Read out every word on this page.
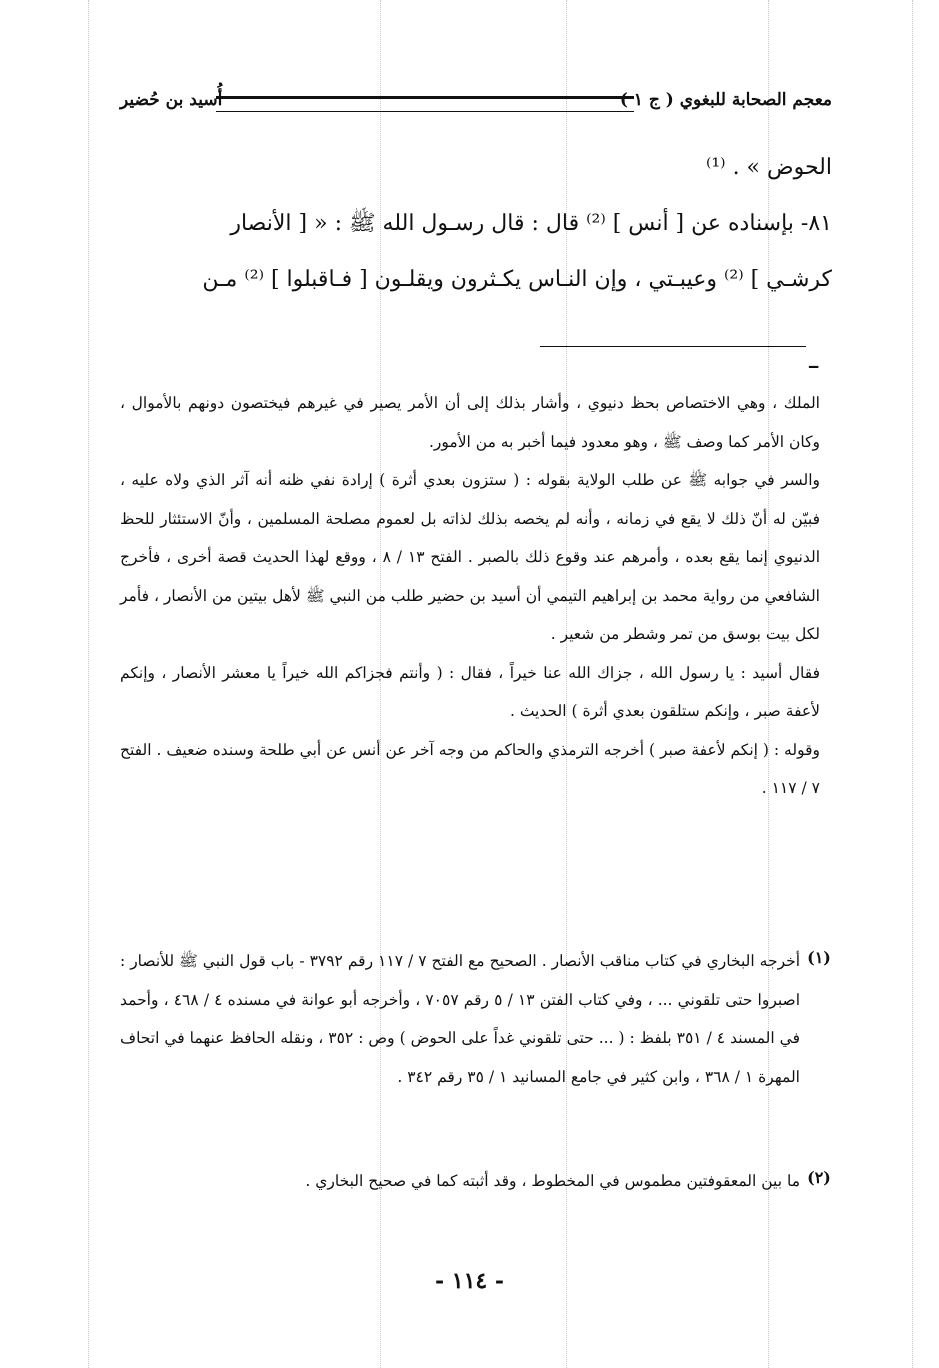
معجم الصحابة للبغوي ( ج ١ )
أُسيد بن حُضير

الحوض » . ⁽¹⁾

٨١- بإسناده عن [ أنس ] ⁽²⁾ قال : قال رسـول الله ﷺ : « [ الأنصار

كرشـي ] ⁽²⁾ وعيبـتي ، وإن النـاس يكـثرون ويقلـون [ فـاقبلوا ] ⁽²⁾ مـن

--

الملك ، وهي الاختصاص بحظ دنيوي ، وأشار بذلك إلى أن الأمر يصير في غيرهم فيختصون دونهم بالأموال ، وكان الأمر كما وصف ﷺ ، وهو معدود فيما أخبر به من الأمور.

والسر في جوابه ﷺ عن طلب الولاية بقوله : ( ستزون بعدي أثرة ) إرادة نفي ظنه أنه آثر الذي ولاه عليه ، فبيّن له أنّ ذلك لا يقع في زمانه ، وأنه لم يخصه بذلك لذاته بل لعموم مصلحة المسلمين ، وأنّ الاستئثار للحظ الدنيوي إنما يقع بعده ، وأمرهم عند وقوع ذلك بالصبر . الفتح ١٣ / ٨ ، ووقع لهذا الحديث قصة أخرى ، فأخرج الشافعي من رواية محمد بن إبراهيم التيمي أن أسيد بن حضير طلب من النبي ﷺ لأهل بيتين من الأنصار ، فأمر لكل بيت بوسق من تمر وشطر من شعير .

فقال أسيد : يا رسول الله ، جزاك الله عنا خيراً ، فقال : ( وأنتم فجزاكم الله خيراً يا معشر الأنصار ، وإنكم لأعفة صبر ، وإنكم ستلقون بعدي أثرة ) الحديث .

وقوله : ( إنكم لأعفة صبر ) أخرجه الترمذي والحاكم من وجه آخر عن أنس عن أبي طلحة وسنده ضعيف . الفتح ٧ / ١١٧ .

(١)
أخرجه البخاري في كتاب مناقب الأنصار . الصحيح مع الفتح ٧ / ١١٧ رقم ٣٧٩٢ - باب قول النبي ﷺ للأنصار : اصبروا حتى تلقوني ... ، وفي كتاب الفتن ١٣ / ٥ رقم ٧٠٥٧ ، وأخرجه أبو عوانة في مسنده ٤ / ٤٦٨ ، وأحمد في المسند ٤ / ٣٥١ بلفظ : ( ... حتى تلقوني غداً على الحوض ) وص : ٣٥٢ ، ونقله الحافظ عنهما في اتحاف المهرة ١ / ٣٦٨ ، وابن كثير في جامع المسانيد ١ / ٣٥ رقم ٣٤٢ .
(٢)
ما بين المعقوفتين مطموس في المخطوط ، وقد أثبته كما في صحيح البخاري .
- ١١٤ -
